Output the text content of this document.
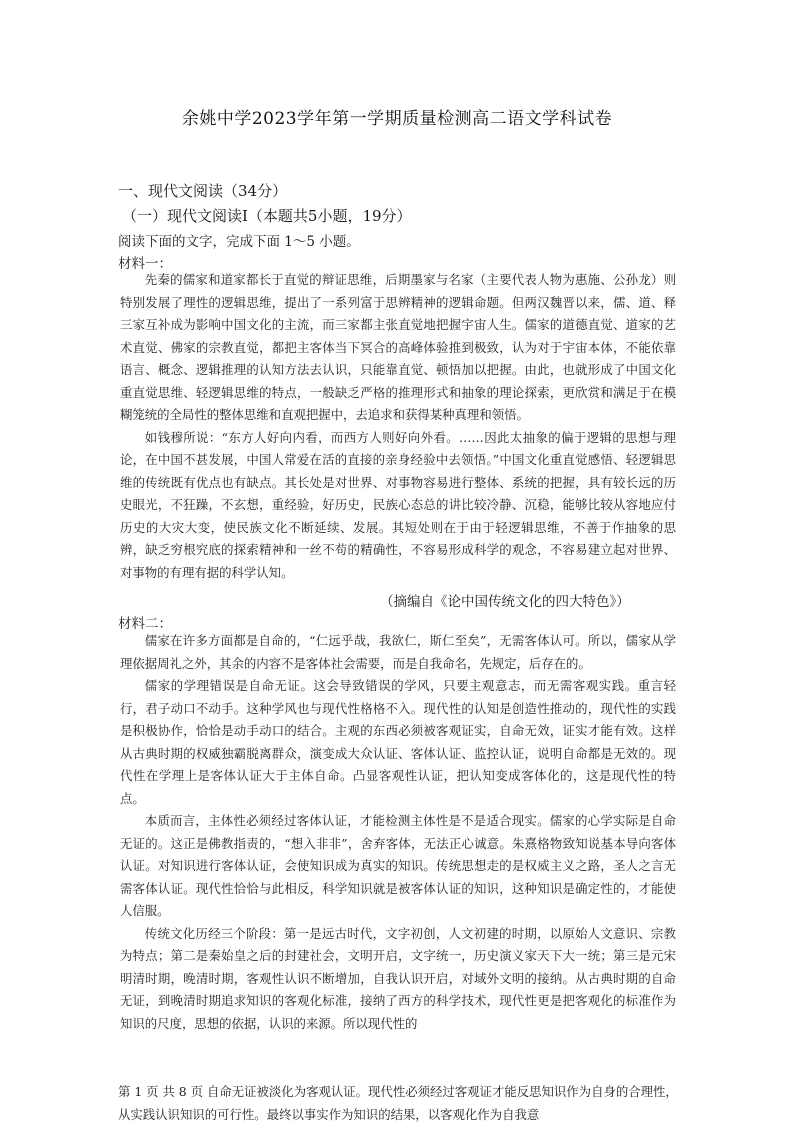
余姚中学2023学年第一学期质量检测高二语文学科试卷
一、现代文阅读（34分）
（一）现代文阅读Ⅰ（本题共5小题，19分）
阅读下面的文字，完成下面 1～5 小题。
材料一：

先秦的儒家和道家都长于直觉的辩证思维，后期墨家与名家（主要代表人物为惠施、公孙龙）则特别发展了理性的逻辑思维，提出了一系列富于思辨精神的逻辑命题。但两汉魏晋以来，儒、道、释三家互补成为影响中国文化的主流，而三家都主张直觉地把握宇宙人生。儒家的道德直觉、道家的艺术直觉、佛家的宗教直觉，都把主客体当下冥合的高峰体验推到极致，认为对于宇宙本体，不能依靠语言、概念、逻辑推理的认知方法去认识，只能靠直觉、顿悟加以把握。由此，也就形成了中国文化重直觉思维、轻逻辑思维的特点，一般缺乏严格的推理形式和抽象的理论探索，更欣赏和满足于在模糊笼统的全局性的整体思维和直观把握中，去追求和获得某种真理和领悟。

如钱穆所说：“东方人好向内看，而西方人则好向外看。……因此太抽象的偏于逻辑的思想与理论，在中国不甚发展，中国人常爱在活的直接的亲身经验中去领悟。”中国文化重直觉感悟、轻逻辑思维的传统既有优点也有缺点。其长处是对世界、对事物容易进行整体、系统的把握，具有较长远的历史眼光，不狂躁，不玄想，重经验，好历史，民族心态总的讲比较冷静、沉稳，能够比较从容地应付历史的大灾大变，使民族文化不断延续、发展。其短处则在于由于轻逻辑思维，不善于作抽象的思辨，缺乏穷根究底的探索精神和一丝不苟的精确性，不容易形成科学的观念，不容易建立起对世界、对事物的有理有据的科学认知。

（摘编自《论中国传统文化的四大特色》）
材料二：

儒家在许多方面都是自命的，“仁远乎哉，我欲仁，斯仁至矣”，无需客体认可。所以，儒家从学理依据周礼之外，其余的内容不是客体社会需要，而是自我命名，先规定，后存在的。

儒家的学理错误是自命无证。这会导致错误的学风，只要主观意志，而无需客观实践。重言轻行，君子动口不动手。这种学风也与现代性格格不入。现代性的认知是创造性推动的，现代性的实践是积极协作，恰恰是动手动口的结合。主观的东西必须被客观证实，自命无效，证实才能有效。这样从古典时期的权威独霸脱离群众，演变成大众认证、客体认证、监控认证，说明自命都是无效的。现代性在学理上是客体认证大于主体自命。凸显客观性认证，把认知变成客体化的，这是现代性的特点。

本质而言，主体性必须经过客体认证，才能检测主体性是不是适合现实。儒家的心学实际是自命无证的。这正是佛教指责的，“想入非非”，舍弃客体，无法正心诚意。朱熹格物致知说基本导向客体认证。对知识进行客体认证，会使知识成为真实的知识。传统思想走的是权威主义之路，圣人之言无需客体认证。现代性恰恰与此相反，科学知识就是被客体认证的知识，这种知识是确定性的，才能使人信服。

传统文化历经三个阶段：第一是远古时代，文字初创，人文初建的时期，以原始人文意识、宗教为特点；第二是秦始皇之后的封建社会，文明开启，文字统一，历史演义家天下大一统；第三是元宋明清时期，晚清时期，客观性认识不断增加，自我认识开启，对域外文明的接纳。从古典时期的自命无证，到晚清时期追求知识的客观化标准，接纳了西方的科学技术，现代性更是把客观化的标准作为知识的尺度，思想的依据，认识的来源。所以现代性的

第 1 页 共 8 页 自命无证被淡化为客观认证。现代性必须经过客观证才能反思知识作为自身的合理性，从实践认识知识的可行性。最终以事实作为知识的结果，以客观化作为自我意
